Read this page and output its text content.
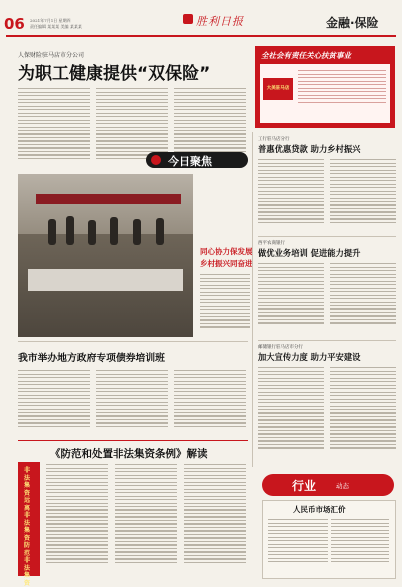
06 2021年7月1日 星期四
责任编辑 某某某 美编 某某某	胜利日报	金融·保险
人保财险驻马店市分公司
为职工健康提供“双保险”
全社会有责任关心扶贫事业
大美驻马店
今日聚焦
同心协力保发展
乡村振兴同奋进
工行驻马店分行
普惠优惠贷款 助力乡村振兴
西平农商银行
做优业务培训 促进能力提升
邮储银行驻马店市分行
加大宣传力度 助力平安建设
我市举办地方政府专项债券培训班
《防范和处置非法集资条例》解读
非法集资 远离非法集资 防范非法集资
行业	动态
人民币市场汇价
